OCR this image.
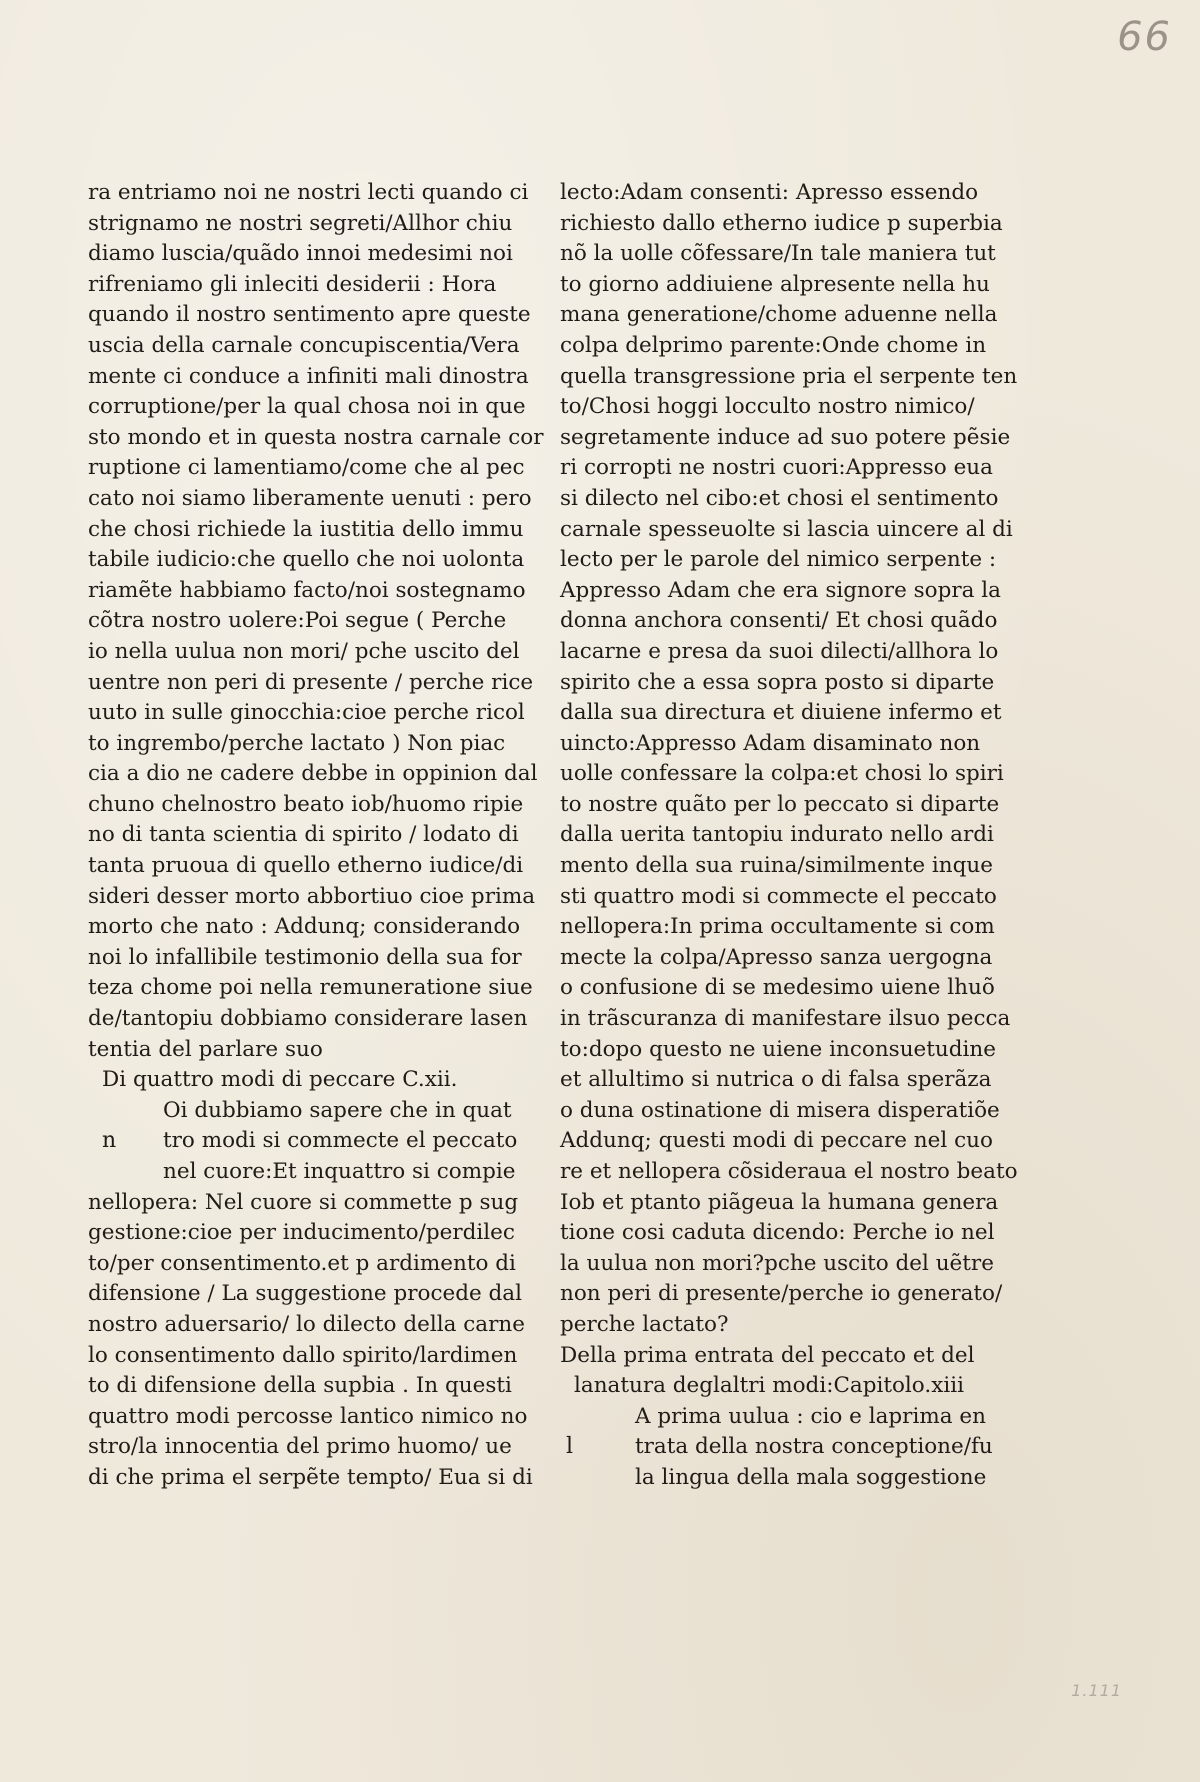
66
ra entriamo noi ne nostri lecti quando ci
strignamo ne nostri segreti/Allhor chiu
diamo luscia/quãdo innoi medesimi noi
rifreniamo gli inleciti desiderii : Hora
quando il nostro sentimento apre queste
uscia della carnale concupiscentia/Vera
mente ci conduce a infiniti mali dinostra
corruptione/per la qual chosa noi in que
sto mondo et in questa nostra carnale cor
ruptione ci lamentiamo/come che al pec
cato noi siamo liberamente uenuti : pero
che chosi richiede la iustitia dello immu
tabile iudicio:che quello che noi uolonta
riamẽte habbiamo facto/noi sostegnamo
cõtra nostro uolere:Poi segue ( Perche
io nella uulua non mori/ pche uscito del
uentre non peri di presente / perche rice
uuto in sulle ginocchia:cioe perche ricol
to ingrembo/perche lactato ) Non piac
cia a dio ne cadere debbe in oppinion dal
chuno chelnostro beato iob/huomo ripie
no di tanta scientia di spirito / lodato di
tanta pruoua di quello etherno iudice/di
sideri desser morto abbortiuo cioe prima
morto che nato : Addunq; considerando
noi lo infallibile testimonio della sua for
teza chome poi nella remuneratione siue
de/tantopiu dobbiamo considerare lasen
tentia del parlare suo
Di quattro modi di peccare C.xii.
Oi dubbiamo sapere che in quat
n tro modi si commecte el peccato
nel cuore:Et inquattro si compie
nellopera: Nel cuore si commette p sug
gestione:cioe per inducimento/perdilec
to/per consentimento.et p ardimento di
difensione / La suggestione procede dal
nostro aduersario/ lo dilecto della carne
lo consentimento dallo spirito/lardimen
to di difensione della supbia . In questi
quattro modi percosse lantico nimico no
stro/la innocentia del primo huomo/ ue
di che prima el serpẽte tempto/ Eua si di
lecto:Adam consenti: Apresso essendo
richiesto dallo etherno iudice p superbia
nõ la uolle cõfessare/In tale maniera tut
to giorno addiuiene alpresente nella hu
mana generatione/chome aduenne nella
colpa delprimo parente:Onde chome in
quella transgressione pria el serpente ten
to/Chosi hoggi locculto nostro nimico/
segretamente induce ad suo potere pẽsie
ri corropti ne nostri cuori:Appresso eua
si dilecto nel cibo:et chosi el sentimento
carnale spesseuolte si lascia uincere al di
lecto per le parole del nimico serpente :
Appresso Adam che era signore sopra la
donna anchora consenti/ Et chosi quãdo
lacarne e presa da suoi dilecti/allhora lo
spirito che a essa sopra posto si diparte
dalla sua directura et diuiene infermo et
uincto:Appresso Adam disaminato non
uolle confessare la colpa:et chosi lo spiri
to nostre quãto per lo peccato si diparte
dalla uerita tantopiu indurato nello ardi
mento della sua ruina/similmente inque
sti quattro modi si commecte el peccato
nellopera:In prima occultamente si com
mecte la colpa/Apresso sanza uergogna
o confusione di se medesimo uiene lhuõ
in trãscuranza di manifestare ilsuo pecca
to:dopo questo ne uiene inconsuetudine
et allultimo si nutrica o di falsa sperãza
o duna ostinatione di misera disperatiõe
Addunq; questi modi di peccare nel cuo
re et nellopera cõsideraua el nostro beato
Iob et ptanto piãgeua la humana genera
tione cosi caduta dicendo: Perche io nel
la uulua non mori?pche uscito del uẽtre
non peri di presente/perche io generato/
perche lactato?
Della prima entrata del peccato et del
lanatura deglaltri modi:Capitolo.xiii
A prima uulua : cio e laprima en
l	trata della nostra conceptione/fu
la lingua della mala soggestione
1.111
